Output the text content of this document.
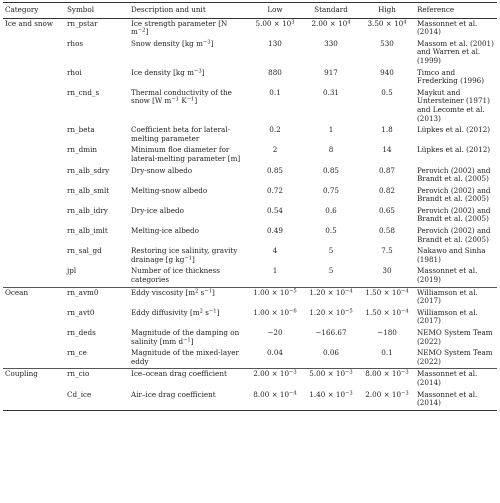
Category	Symbol	Description and unit	Low	Standard	High	Reference
Ice and snow	rn_pstar	Ice strength parameter [N $m^{-2}$]	$5.00 \times 10^3$	$2.00 \times 10^4$	$3.50 \times 10^4$	Massonnet et al. (2014)
	rhos	Snow density [kg $m^{-3}$]	130	330	530	Massom et al. (2001) and Warren et al. (1999)
	rhoi	Ice density [kg $m^{-3}$]	880	917	940	Timco and Frederking (1996)
	rn_cnd_s	Thermal conductivity of the snow [W $m^{-1}$ $K^{-1}$]	0.1	0.31	0.5	Maykut and Untersteiner (1971) and Lecomte et al. (2013)
	rn_beta	Coefficient beta for lateral-melting parameter	0.2	1	1.8	Lüpkes et al. (2012)
	rn_dmin	Minimum floe diameter for lateral-melting parameter [m]	2	8	14	Lüpkes et al. (2012)
	rn_alb_sdry	Dry-snow albedo	0.85	0.85	0.87	Perovich (2002) and Brandt et al. (2005)
	rn_alb_smlt	Melting-snow albedo	0.72	0.75	0.82	Perovich (2002) and Brandt et al. (2005)
	rn_alb_idry	Dry-ice albedo	0.54	0.6	0.65	Perovich (2002) and Brandt et al. (2005)
	rn_alb_imlt	Melting-ice albedo	0.49	0.5	0.58	Perovich (2002) and Brandt et al. (2005)
	rn_sal_gd	Restoring ice salinity, gravity drainage [g $kg^{-1}$]	4	5	7.5	Nakawo and Sinha (1981)
	jpl	Number of ice thickness categories	1	5	30	Massonnet et al. (2019)
Ocean	rn_avm0	Eddy viscosity [$m^2$ $s^{-1}$]	$1.00 \times 10^{-5}$	$1.20 \times 10^{-4}$	$1.50 \times 10^{-4}$	Williamson et al. (2017)
	rn_avt0	Eddy diffusivity [$m^2$ $s^{-1}$]	$1.00 \times 10^{-6}$	$1.20 \times 10^{-5}$	$1.50 \times 10^{-4}$	Williamson et al. (2017)
	rn_deds	Magnitude of the damping on salinity [mm $d^{-1}$]	−20	−166.67	−180	NEMO System Team (2022)
	rn_ce	Magnitude of the mixed-layer eddy	0.04	0.06	0.1	NEMO System Team (2022)
Coupling	rn_cio	Ice–ocean drag coefficient	$2.00 \times 10^{-3}$	$5.00 \times 10^{-3}$	$8.00 \times 10^{-3}$	Massonnet et al. (2014)
	Cd_ice	Air–ice drag coefficient	$8.00 \times 10^{-4}$	$1.40 \times 10^{-3}$	$2.00 \times 10^{-3}$	Massonnet et al. (2014)
